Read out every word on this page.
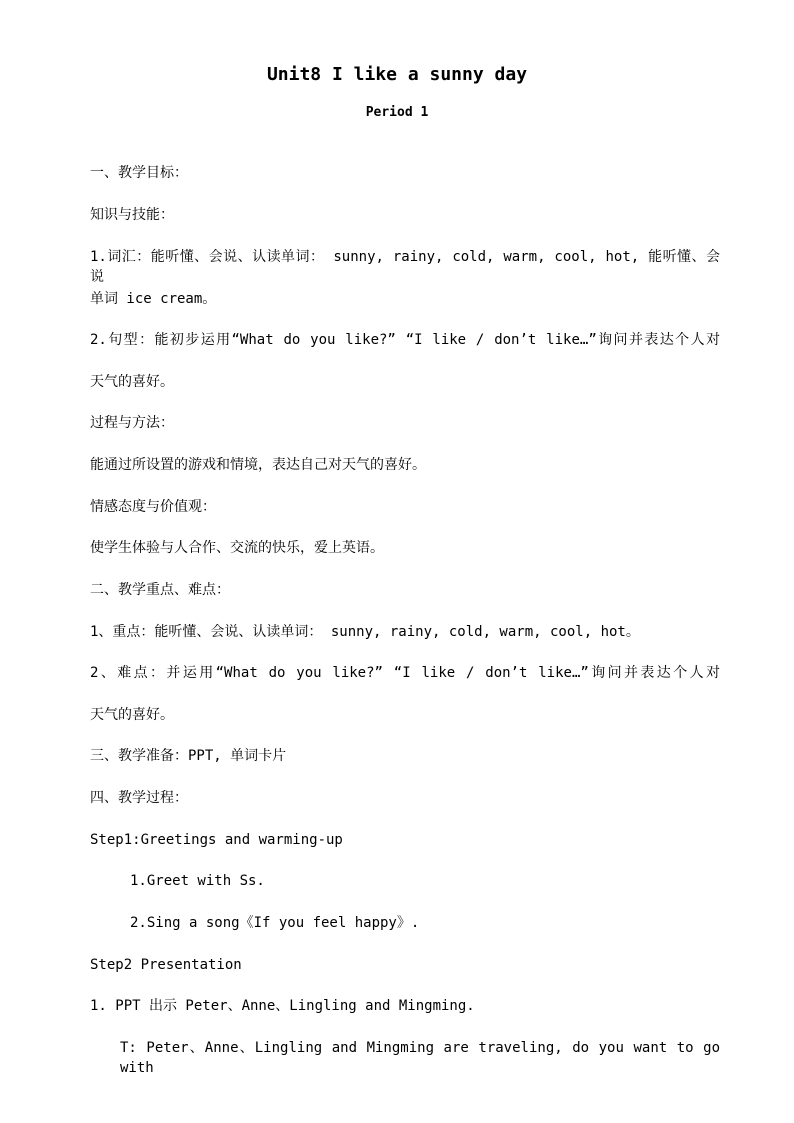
Unit8 I like a sunny day
Period 1
一、教学目标：
知识与技能：
1.词汇：能听懂、会说、认读单词： sunny, rainy, cold, warm, cool, hot, 能听懂、会说
单词 ice cream。
2.句型：能初步运用“What do you like?” “I like / don’t like…”询问并表达个人对
天气的喜好。
过程与方法：
能通过所设置的游戏和情境，表达自己对天气的喜好。
情感态度与价值观：
使学生体验与人合作、交流的快乐，爱上英语。
二、教学重点、难点：
1、重点：能听懂、会说、认读单词： sunny, rainy, cold, warm, cool, hot。
2、难点：并运用“What do you like?” “I like / don’t like…”询问并表达个人对
天气的喜好。
三、教学准备：PPT, 单词卡片
四、教学过程：
Step1:Greetings and warming-up
1.Greet with Ss.
2.Sing a song《If you feel happy》.
Step2 Presentation
1. PPT 出示 Peter、Anne、Lingling and Mingming.
T: Peter、Anne、Lingling and Mingming are traveling, do you want to go with
